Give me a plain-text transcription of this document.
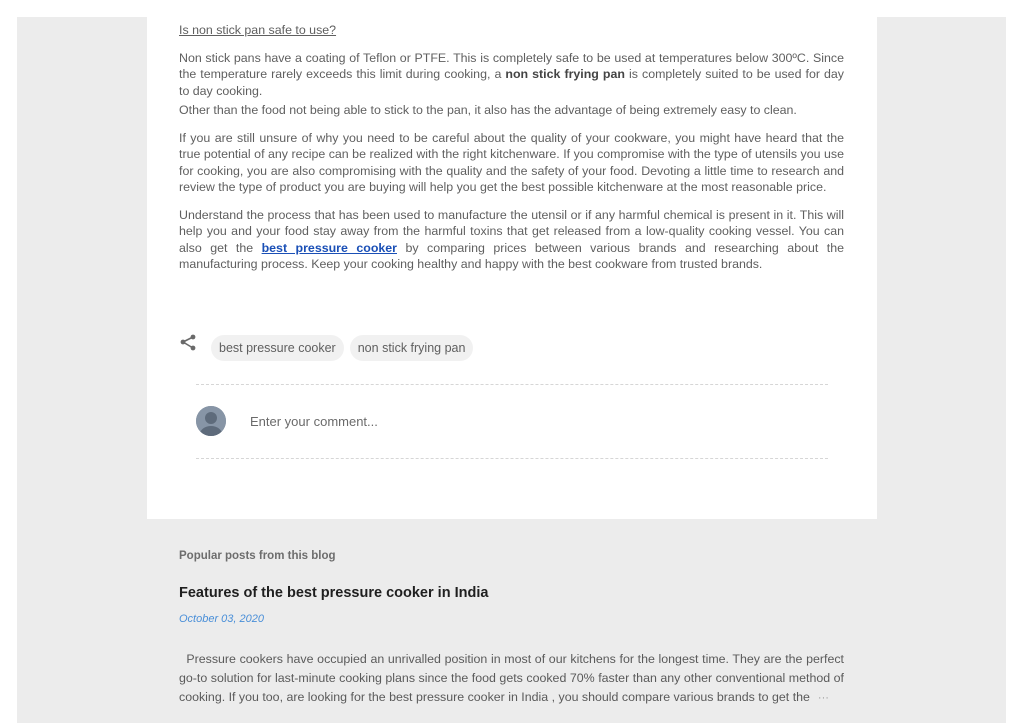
Is non stick pan safe to use?

Non stick pans have a coating of Teflon or PTFE. This is completely safe to be used at temperatures below 300ºC. Since the temperature rarely exceeds this limit during cooking, a non stick frying pan is completely suited to be used for day to day cooking.

Other than the food not being able to stick to the pan, it also has the advantage of being extremely easy to clean.

If you are still unsure of why you need to be careful about the quality of your cookware, you might have heard that the true potential of any recipe can be realized with the right kitchenware. If you compromise with the type of utensils you use for cooking, you are also compromising with the quality and the safety of your food. Devoting a little time to research and review the type of product you are buying will help you get the best possible kitchenware at the most reasonable price.

Understand the process that has been used to manufacture the utensil or if any harmful chemical is present in it. This will help you and your food stay away from the harmful toxins that get released from a low-quality cooking vessel. You can also get the best pressure cooker by comparing prices between various brands and researching about the manufacturing process. Keep your cooking healthy and happy with the best cookware from trusted brands.

best pressure cooker	non stick frying pan
Enter your comment...
Popular posts from this blog
Features of the best pressure cooker in India
October 03, 2020
Pressure cookers have occupied an unrivalled position in most of our kitchens for the longest time. They are the perfect go-to solution for last-minute cooking plans since the food gets cooked 70% faster than any other conventional method of cooking. If you too, are looking for the best pressure cooker in India , you should compare various brands to get the ···
